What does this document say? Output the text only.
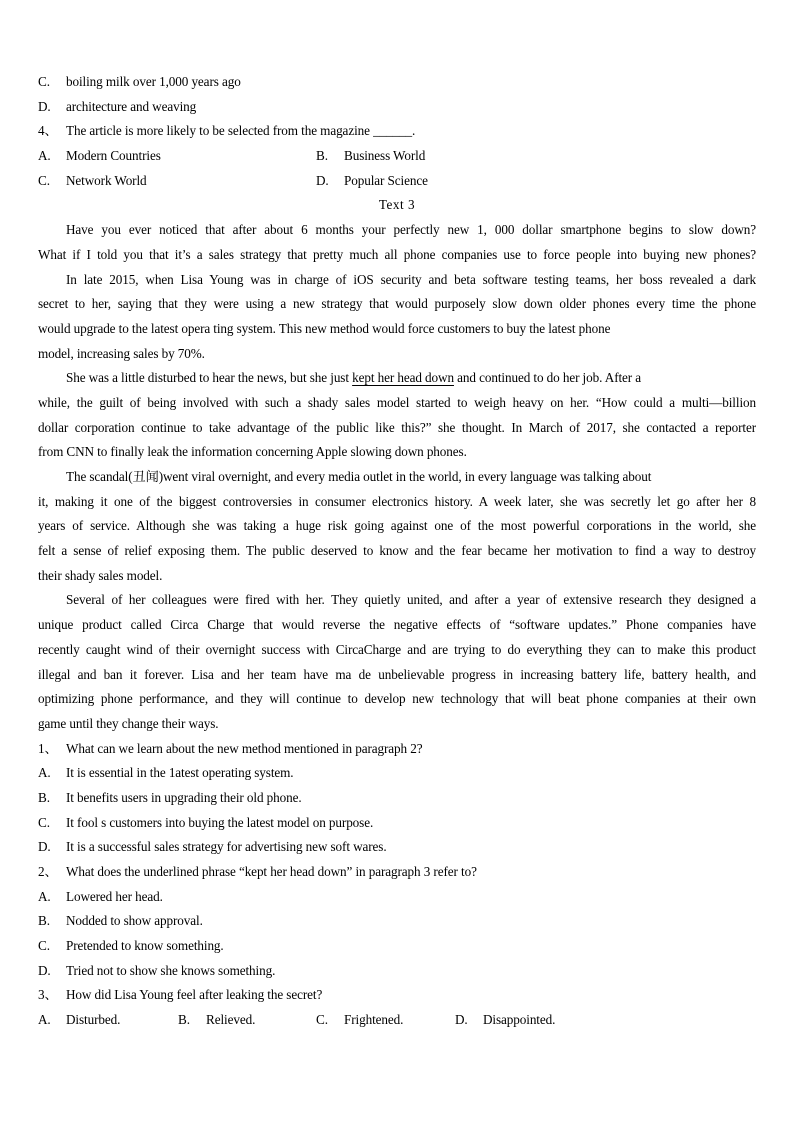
C. boiling milk over 1,000 years ago
D. architecture and weaving
4、 The article is more likely to be selected from the magazine ______.
A. Modern Countries	B. Business World
C. Network World	D. Popular Science
Text 3
Have you ever noticed that after about 6 months your perfectly new 1, 000 dollar smartphone begins to slow down?
What if I told you that it’s a sales strategy that pretty much all phone companies use to force people into buying new phones?
In late 2015, when Lisa Young was in charge of iOS security and beta software testing teams, her boss revealed a dark
secret to her, saying that they were using a new strategy that would purposely slow down older phones every time the phone
would upgrade to the latest opera ting system. This new method would force customers to buy the latest phone
model, increasing sales by 70%.
She was a little disturbed to hear the news, but she just kept her head down and continued to do her job. After a
while, the guilt of being involved with such a shady sales model started to weigh heavy on her. “How could a multi—billion
dollar corporation continue to take advantage of the public like this?” she thought. In March of 2017, she contacted a reporter
from CNN to finally leak the information concerning Apple slowing down phones.
The scandal(丑闻)went viral overnight, and every media outlet in the world, in every language was talking about
it, making it one of the biggest controversies in consumer electronics history. A week later, she was secretly let go after her 8
years of service. Although she was taking a huge risk going against one of the most powerful corporations in the world, she
felt a sense of relief exposing them. The public deserved to know and the fear became her motivation to find a way to destroy
their shady sales model.
Several of her colleagues were fired with her. They quietly united, and after a year of extensive research they designed a
unique product called Circa Charge that would reverse the negative effects of “software updates.” Phone companies have
recently caught wind of their overnight success with CircaCharge and are trying to do everything they can to make this product
illegal and ban it forever. Lisa and her team have ma de unbelievable progress in increasing battery life, battery health, and
optimizing phone performance, and they will continue to develop new technology that will beat phone companies at their own
game until they change their ways.
1、 What can we learn about the new method mentioned in paragraph 2?
A. It is essential in the 1atest operating system.
B. It benefits users in upgrading their old phone.
C. It fool s customers into buying the latest model on purpose.
D. It is a successful sales strategy for advertising new soft wares.
2、 What does the underlined phrase “kept her head down” in paragraph 3 refer to?
A. Lowered her head.
B. Nodded to show approval.
C. Pretended to know something.
D. Tried not to show she knows something.
3、 How did Lisa Young feel after leaking the secret?
A. Disturbed.	B. Relieved.	C. Frightened.	D. Disappointed.
